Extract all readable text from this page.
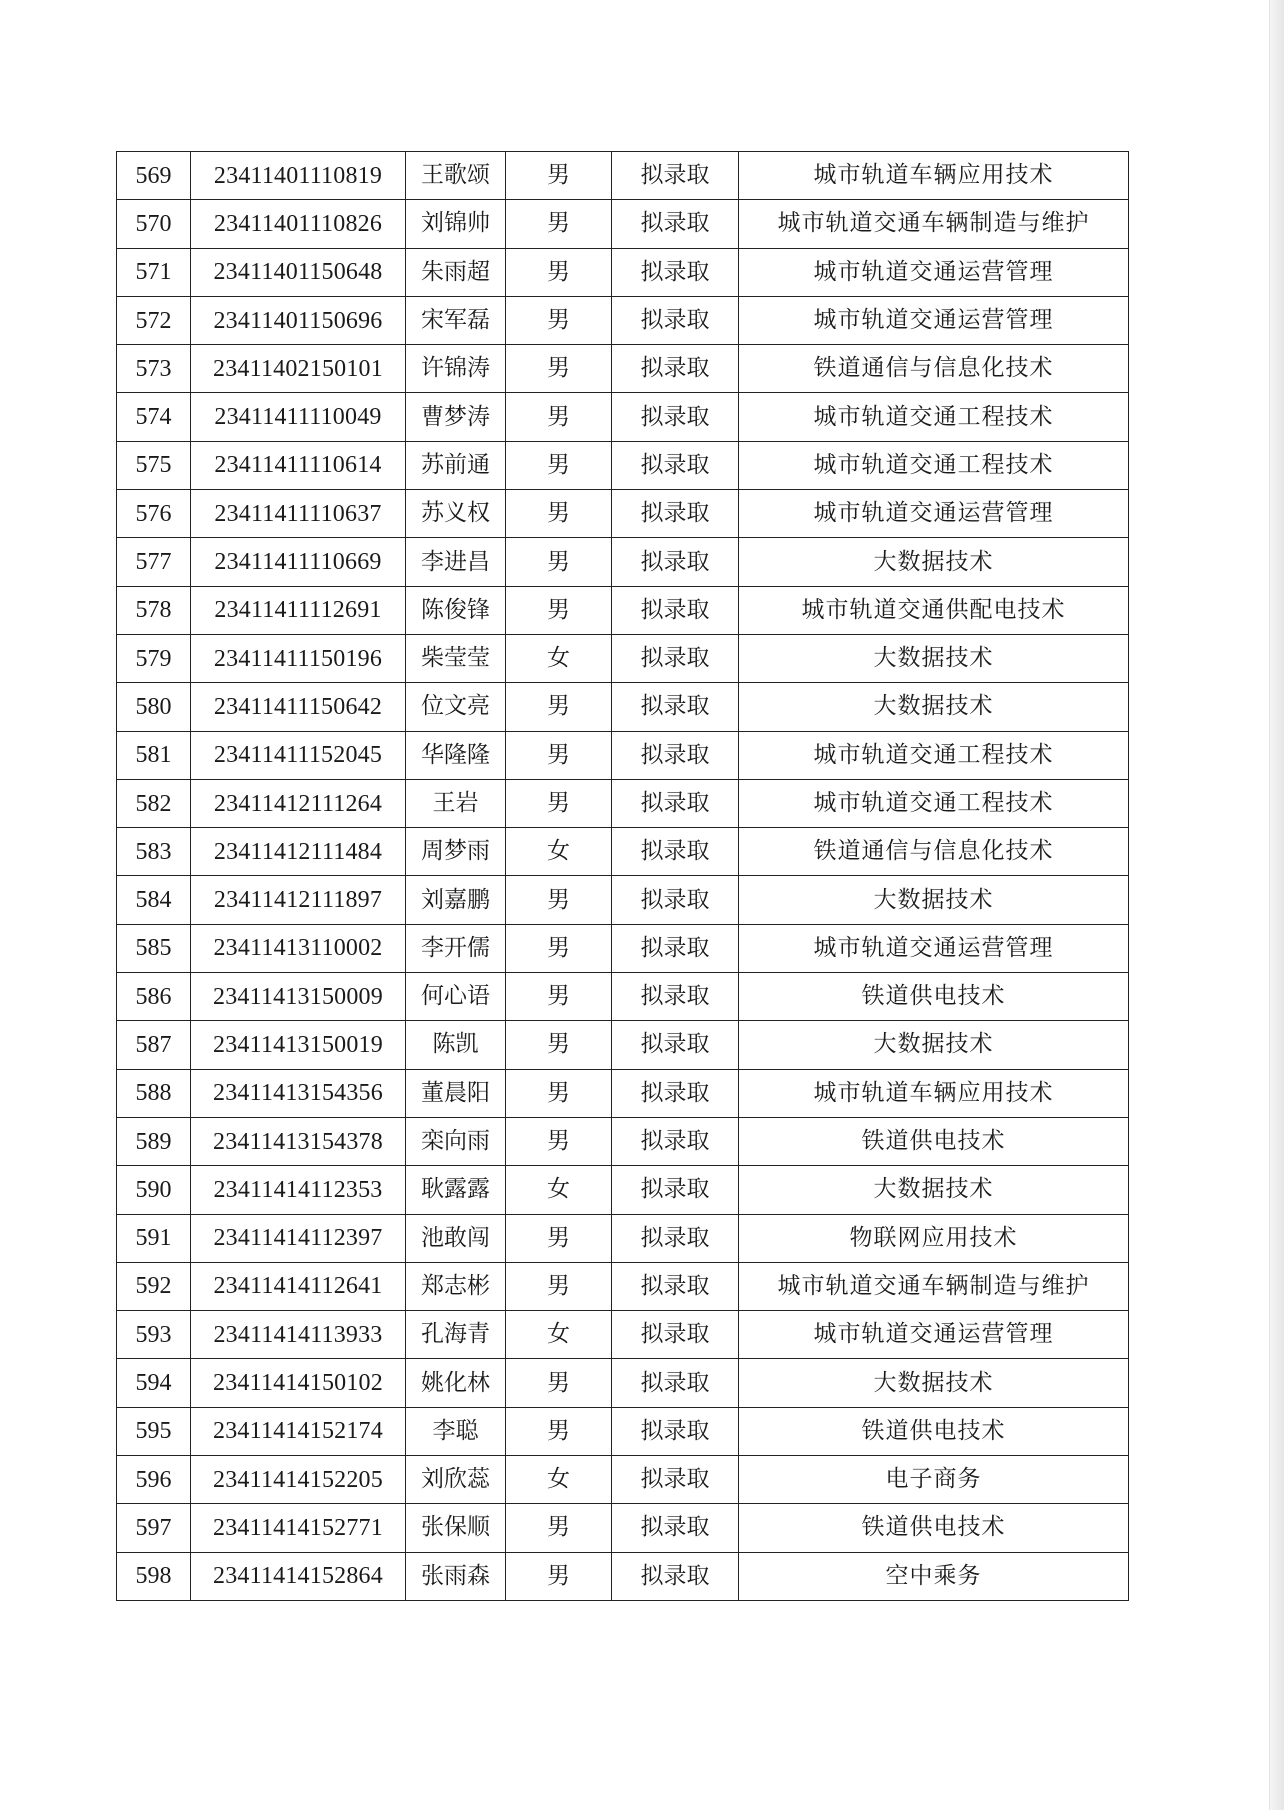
569	23411401110819	王歌颂	男	拟录取	城市轨道车辆应用技术
570	23411401110826	刘锦帅	男	拟录取	城市轨道交通车辆制造与维护
571	23411401150648	朱雨超	男	拟录取	城市轨道交通运营管理
572	23411401150696	宋军磊	男	拟录取	城市轨道交通运营管理
573	23411402150101	许锦涛	男	拟录取	铁道通信与信息化技术
574	23411411110049	曹梦涛	男	拟录取	城市轨道交通工程技术
575	23411411110614	苏前通	男	拟录取	城市轨道交通工程技术
576	23411411110637	苏义权	男	拟录取	城市轨道交通运营管理
577	23411411110669	李进昌	男	拟录取	大数据技术
578	23411411112691	陈俊锋	男	拟录取	城市轨道交通供配电技术
579	23411411150196	柴莹莹	女	拟录取	大数据技术
580	23411411150642	位文亮	男	拟录取	大数据技术
581	23411411152045	华隆隆	男	拟录取	城市轨道交通工程技术
582	23411412111264	王岩	男	拟录取	城市轨道交通工程技术
583	23411412111484	周梦雨	女	拟录取	铁道通信与信息化技术
584	23411412111897	刘嘉鹏	男	拟录取	大数据技术
585	23411413110002	李开儒	男	拟录取	城市轨道交通运营管理
586	23411413150009	何心语	男	拟录取	铁道供电技术
587	23411413150019	陈凯	男	拟录取	大数据技术
588	23411413154356	董晨阳	男	拟录取	城市轨道车辆应用技术
589	23411413154378	栾向雨	男	拟录取	铁道供电技术
590	23411414112353	耿露露	女	拟录取	大数据技术
591	23411414112397	池敢闯	男	拟录取	物联网应用技术
592	23411414112641	郑志彬	男	拟录取	城市轨道交通车辆制造与维护
593	23411414113933	孔海青	女	拟录取	城市轨道交通运营管理
594	23411414150102	姚化林	男	拟录取	大数据技术
595	23411414152174	李聪	男	拟录取	铁道供电技术
596	23411414152205	刘欣蕊	女	拟录取	电子商务
597	23411414152771	张保顺	男	拟录取	铁道供电技术
598	23411414152864	张雨森	男	拟录取	空中乘务
